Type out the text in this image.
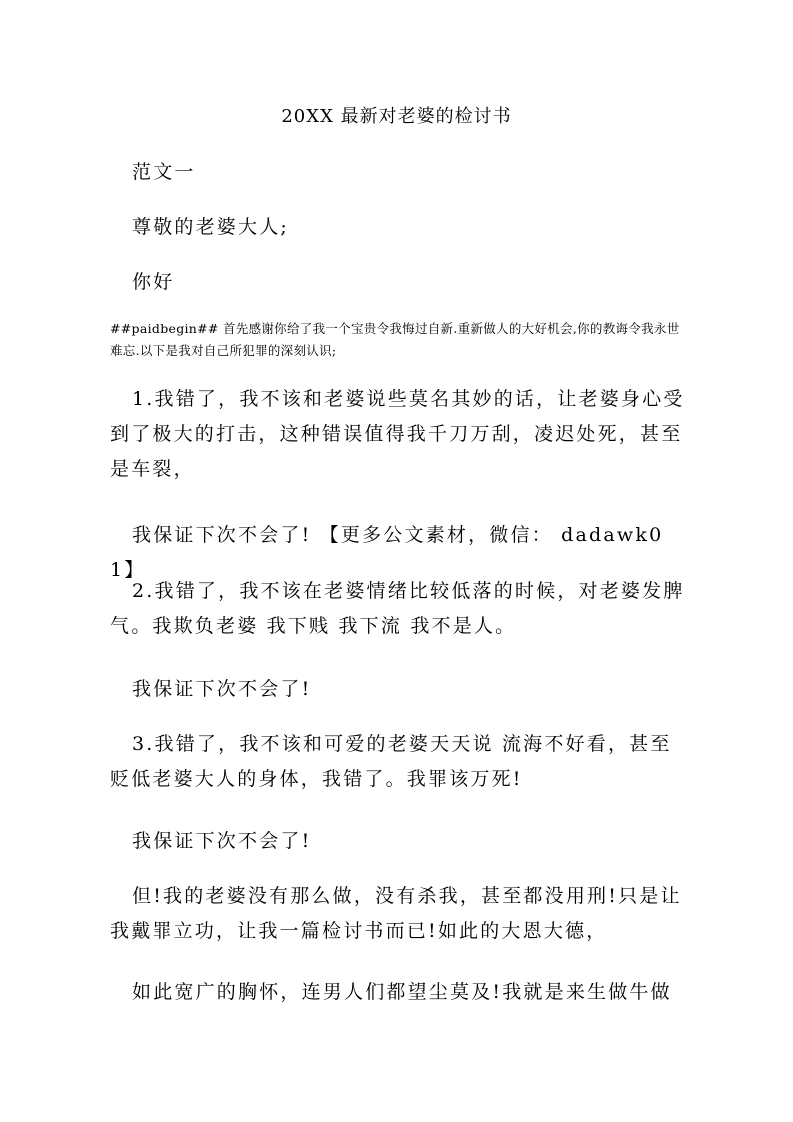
20XX 最新对老婆的检讨书
范文一
尊敬的老婆大人;
你好
##paidbegin## 首先感谢你给了我一个宝贵令我悔过自新.重新做人的大好机会,你的教诲令我永世难忘.以下是我对自己所犯罪的深刻认识;
1.我错了，我不该和老婆说些莫名其妙的话，让老婆身心受到了极大的打击，这种错误值得我千刀万刮，凌迟处死，甚至是车裂，
我保证下次不会了! 【更多公文素材，微信： dadawk01】
2.我错了，我不该在老婆情绪比较低落的时候，对老婆发脾气。我欺负老婆 我下贱 我下流 我不是人。
我保证下次不会了!
3.我错了，我不该和可爱的老婆天天说 流海不好看，甚至贬低老婆大人的身体，我错了。我罪该万死!
我保证下次不会了!
但!我的老婆没有那么做，没有杀我，甚至都没用刑!只是让我戴罪立功，让我一篇检讨书而已!如此的大恩大德，
如此宽广的胸怀，连男人们都望尘莫及!我就是来生做牛做
